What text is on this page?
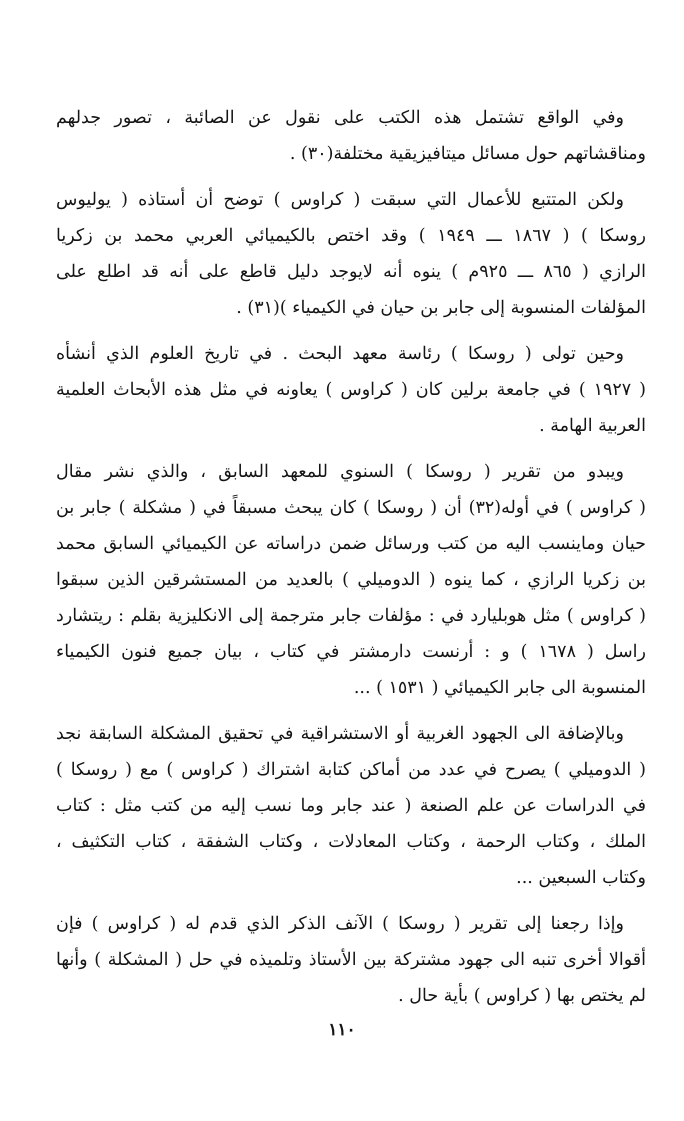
وفي الواقع تشتمل هذه الكتب على نقول عن الصائبة ، تصور جدلهم
ومناقشاتهم حول مسائل ميتافيزيقية مختلفة(٣٠) .
ولكن المتتبع للأعمال التي سبقت ( كراوس ) توضح أن أستاذه ( يوليوس
روسكا ) ( ١٨٦٧ ـــ ١٩٤٩ ) وقد اختص بالكيميائي العربي محمد بن زكريا
الرازي ( ٨٦٥ ـــ ٩٢٥م ) ينوه أنه لايوجد دليل قاطع على أنه قد اطلع على
المؤلفات المنسوبة إلى جابر بن حيان في الكيمياء )(٣١) .
وحين تولى ( روسكا ) رئاسة معهد البحث . في تاريخ العلوم الذي أنشأه
( ١٩٢٧ ) في جامعة برلين كان ( كراوس ) يعاونه في مثل هذه الأبحاث العلمية
العربية الهامة .
ويبدو من تقرير ( روسكا ) السنوي للمعهد السابق ، والذي نشر مقال
( كراوس ) في أوله(٣٢) أن ( روسكا ) كان يبحث مسبقاً في ( مشكلة ) جابر بن
حيان وماينسب اليه من كتب ورسائل ضمن دراساته عن الكيميائي السابق محمد
بن زكريا الرازي ، كما ينوه ( الدوميلي ) بالعديد من المستشرقين الذين سبقوا
( كراوس ) مثل هوبليارد في : مؤلفات جابر مترجمة إلى الانكليزية بقلم : ريتشارد
راسل ( ١٦٧٨ ) و : أرنست دارمشتر في كتاب ، بيان جميع فنون الكيمياء
المنسوبة الى جابر الكيميائي ( ١٥٣١ ) ...
وبالإضافة الى الجهود الغربية أو الاستشراقية في تحقيق المشكلة السابقة نجد
( الدوميلي ) يصرح في عدد من أماكن كتابة اشتراك ( كراوس ) مع ( روسكا )
في الدراسات عن علم الصنعة ( عند جابر وما نسب إليه من كتب مثل : كتاب
الملك ، وكتاب الرحمة ، وكتاب المعادلات ، وكتاب الشفقة ، كتاب التكثيف ،
وكتاب السبعين ...
وإذا رجعنا إلى تقرير ( روسكا ) الآنف الذكر الذي قدم له ( كراوس ) فإن
أقوالا أخرى تنبه الى جهود مشتركة بين الأستاذ وتلميذه في حل ( المشكلة ) وأنها
لم يختص بها ( كراوس ) بأية حال .
١١٠
